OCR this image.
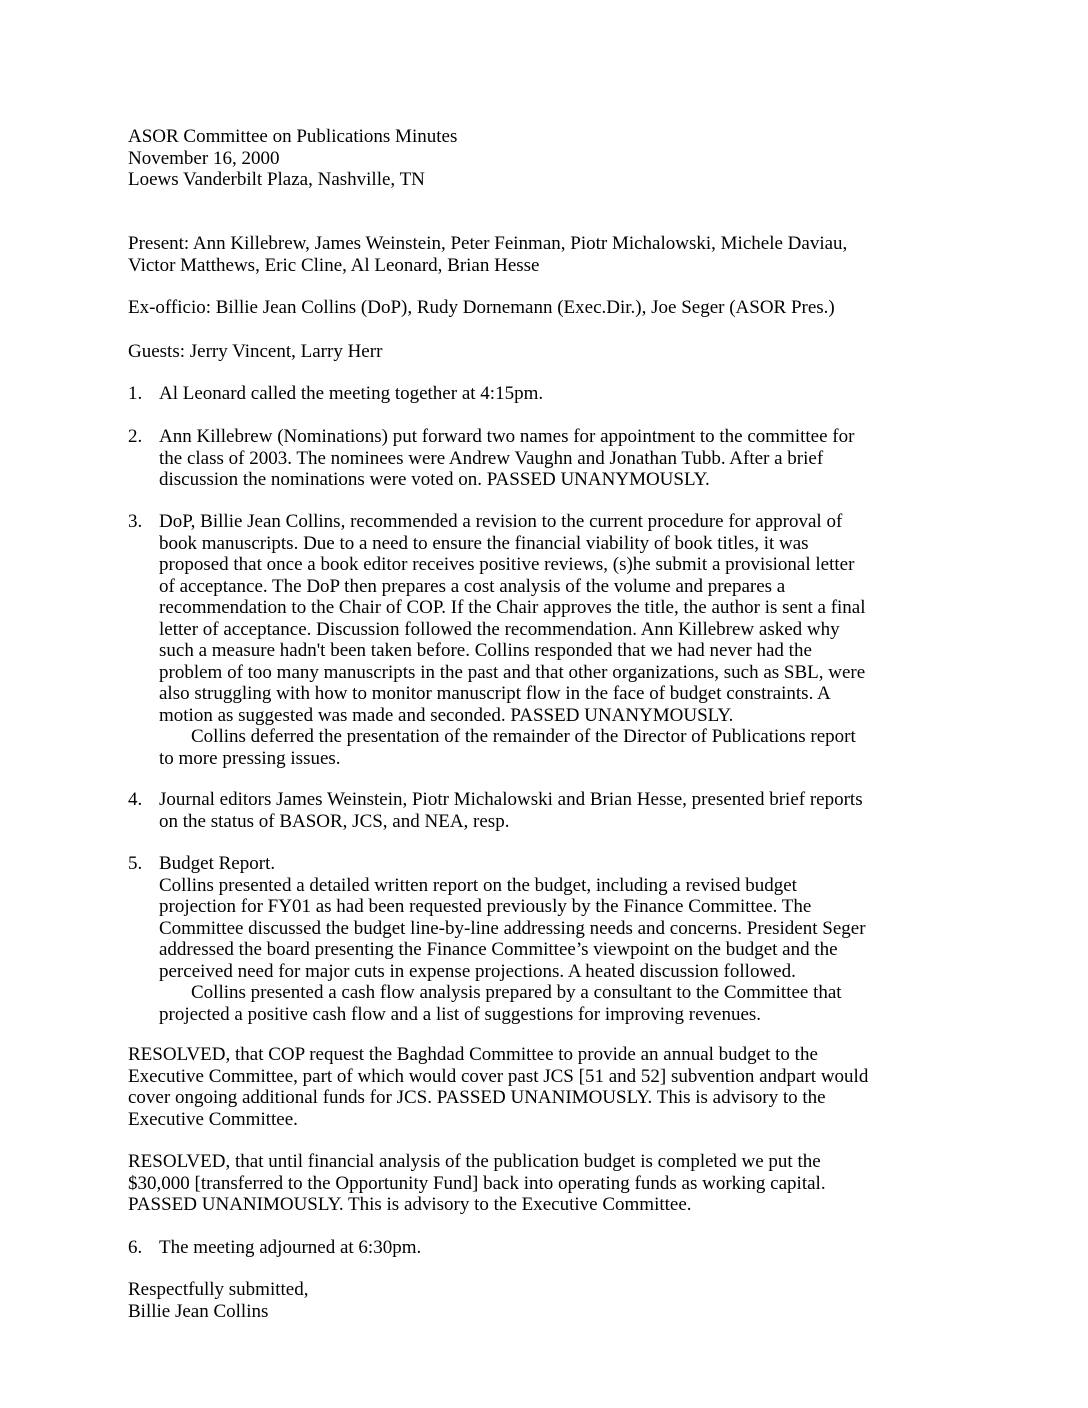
ASOR Committee on Publications Minutes
November 16, 2000
Loews Vanderbilt Plaza, Nashville, TN
Present: Ann Killebrew, James Weinstein, Peter Feinman, Piotr Michalowski, Michele Daviau,
Victor Matthews, Eric Cline, Al Leonard, Brian Hesse
Ex-officio: Billie Jean Collins (DoP), Rudy Dornemann (Exec.Dir.), Joe Seger (ASOR Pres.)
Guests: Jerry Vincent, Larry Herr
1. Al Leonard called the meeting together at 4:15pm.
2. Ann Killebrew (Nominations) put forward two names for appointment to the committee for
the class of 2003. The nominees were Andrew Vaughn and Jonathan Tubb. After a brief
discussion the nominations were voted on. PASSED UNANYMOUSLY.
3. DoP, Billie Jean Collins, recommended a revision to the current procedure for approval of
book manuscripts. Due to a need to ensure the financial viability of book titles, it was
proposed that once a book editor receives positive reviews, (s)he submit a provisional letter
of acceptance. The DoP then prepares a cost analysis of the volume and prepares a
recommendation to the Chair of COP. If the Chair approves the title, the author is sent a final
letter of acceptance. Discussion followed the recommendation. Ann Killebrew asked why
such a measure hadn't been taken before. Collins responded that we had never had the
problem of too many manuscripts in the past and that other organizations, such as SBL, were
also struggling with how to monitor manuscript flow in the face of budget constraints. A
motion as suggested was made and seconded. PASSED UNANYMOUSLY.
Collins deferred the presentation of the remainder of the Director of Publications report
to more pressing issues.
4. Journal editors James Weinstein, Piotr Michalowski and Brian Hesse, presented brief reports
on the status of BASOR, JCS, and NEA, resp.
5. Budget Report.
Collins presented a detailed written report on the budget, including a revised budget
projection for FY01 as had been requested previously by the Finance Committee. The
Committee discussed the budget line-by-line addressing needs and concerns. President Seger
addressed the board presenting the Finance Committee’s viewpoint on the budget and the
perceived need for major cuts in expense projections. A heated discussion followed.
Collins presented a cash flow analysis prepared by a consultant to the Committee that
projected a positive cash flow and a list of suggestions for improving revenues.
RESOLVED, that COP request the Baghdad Committee to provide an annual budget to the
Executive Committee, part of which would cover past JCS [51 and 52] subvention andpart would
cover ongoing additional funds for JCS. PASSED UNANIMOUSLY. This is advisory to the
Executive Committee.
RESOLVED, that until financial analysis of the publication budget is completed we put the
$30,000 [transferred to the Opportunity Fund] back into operating funds as working capital.
PASSED UNANIMOUSLY. This is advisory to the Executive Committee.
6. The meeting adjourned at 6:30pm.
Respectfully submitted,
Billie Jean Collins
